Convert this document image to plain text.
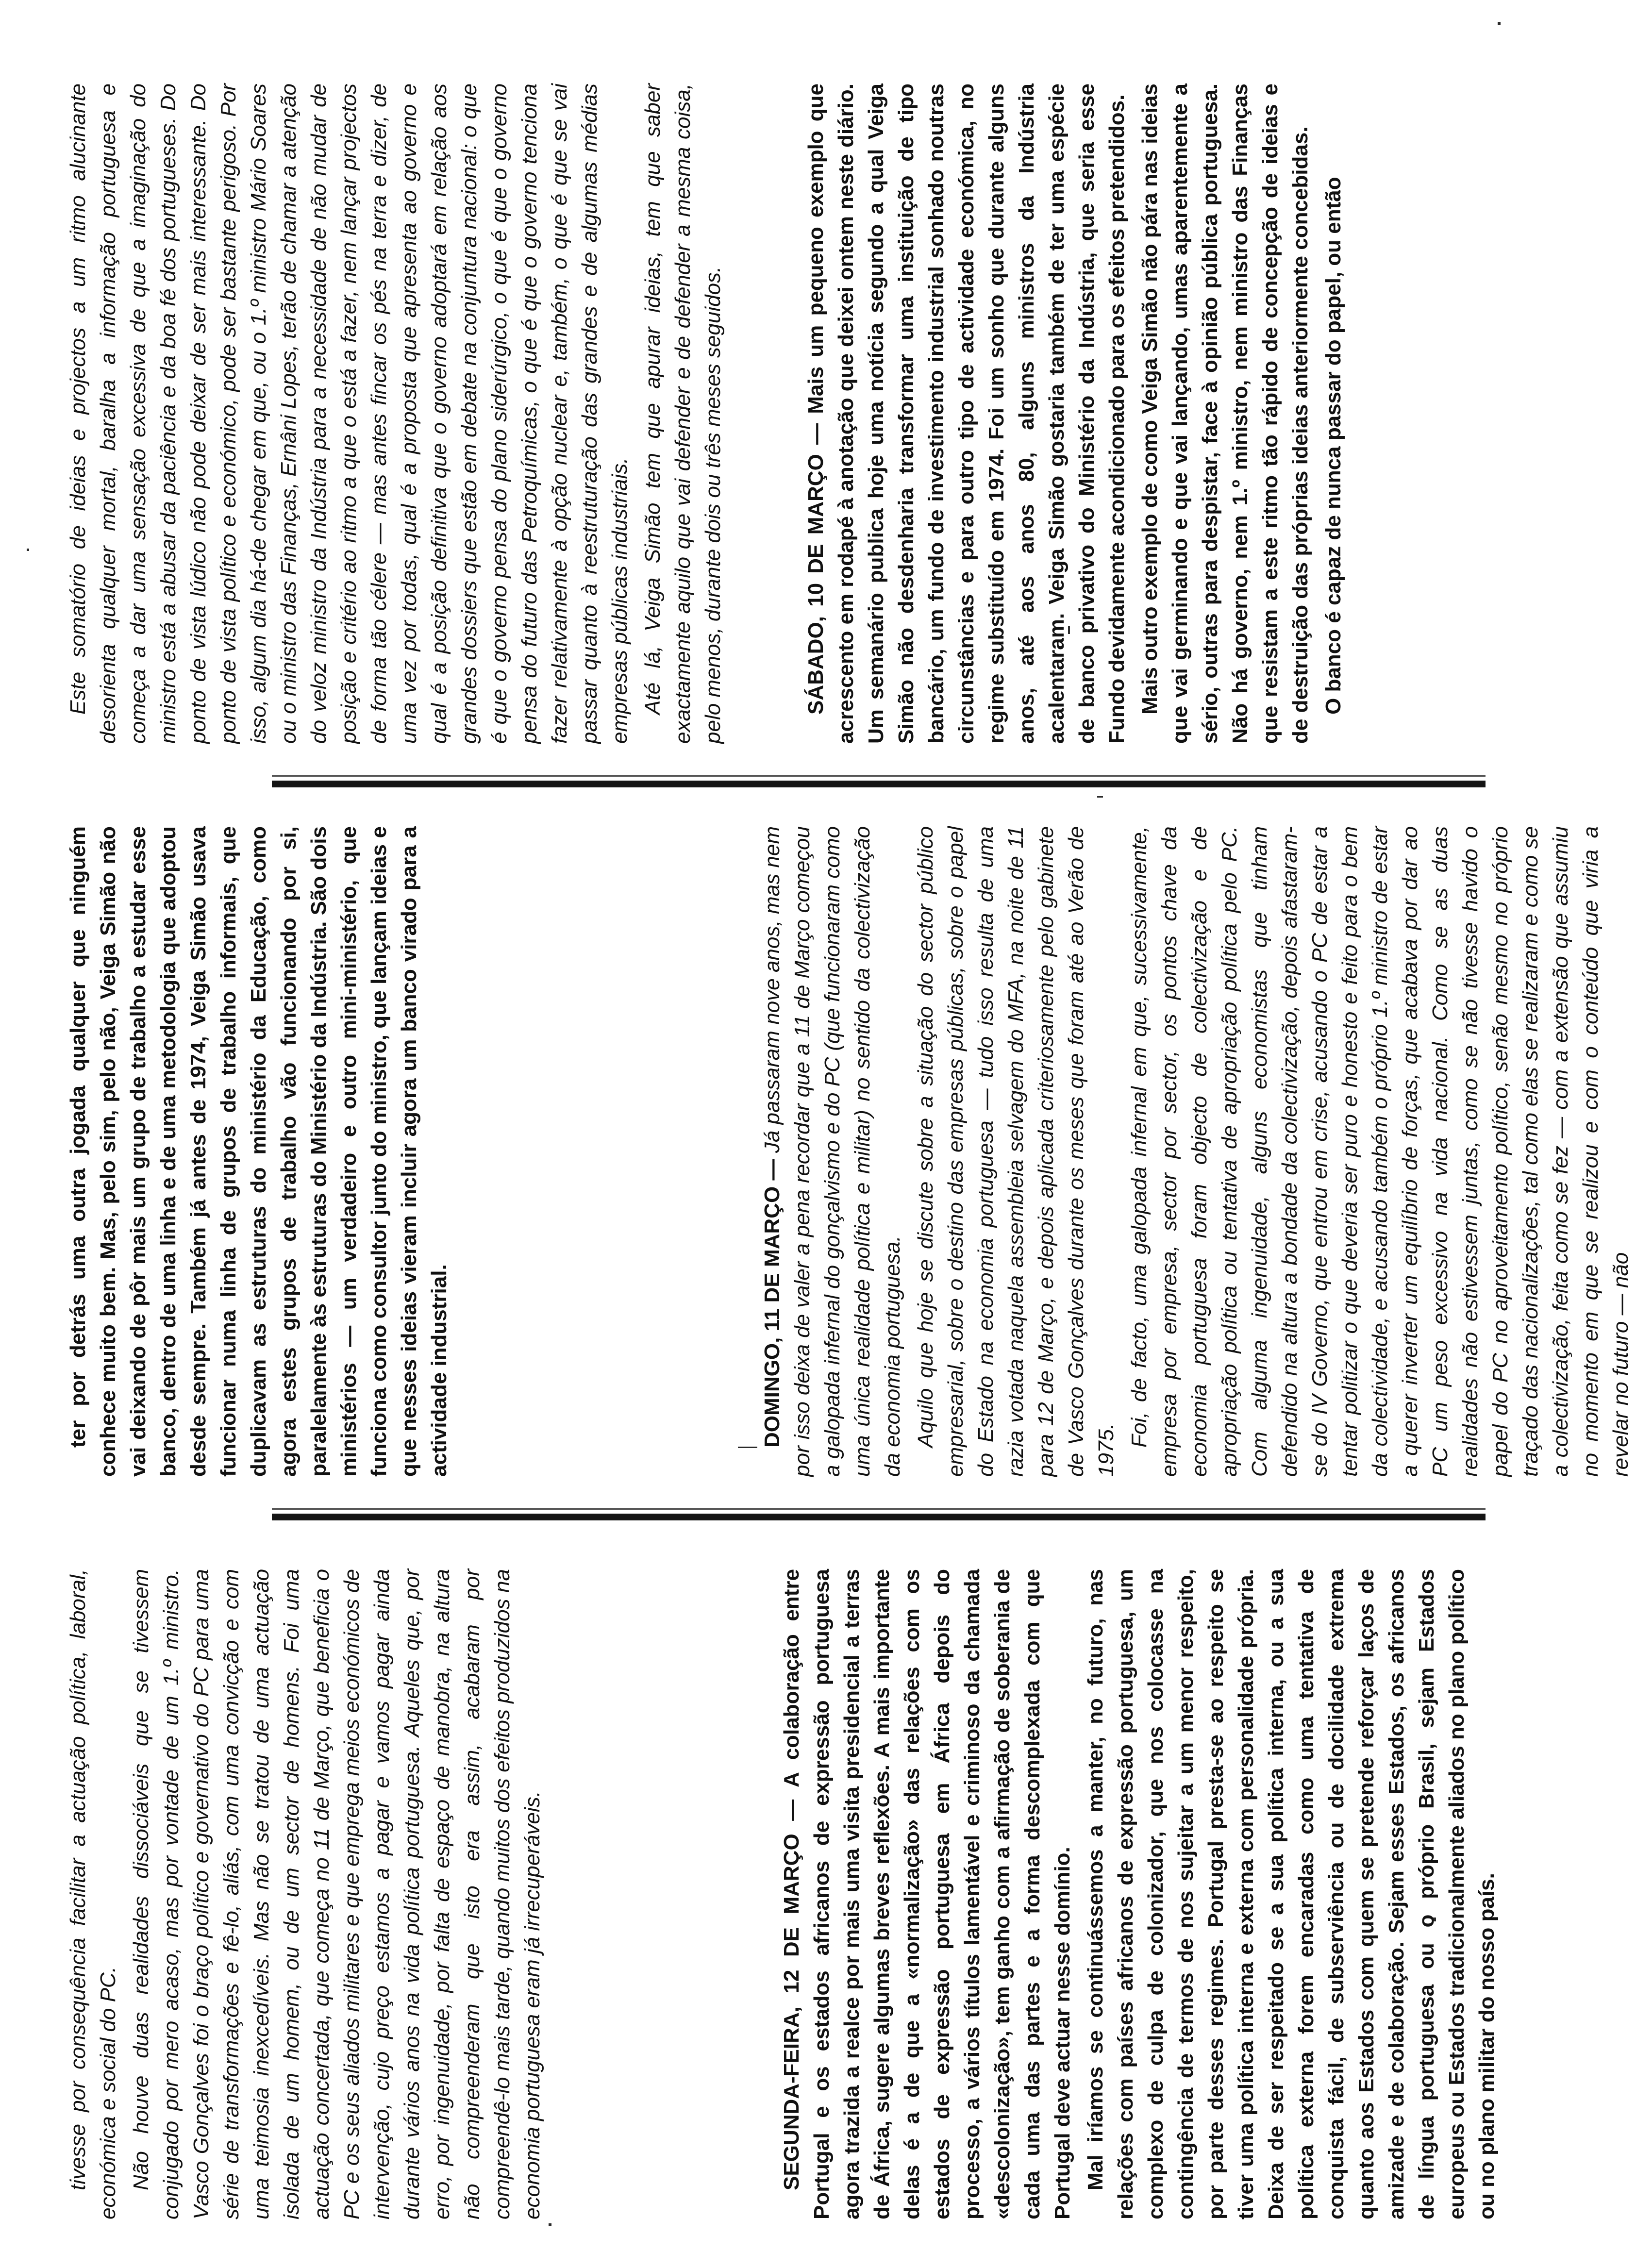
tivesse por consequência facilitar a actuação política, laboral, económica e social do PC. Não houve duas realidades dissociáveis que se tivessem conjugado por mero acaso, mas por vontade de um 1.º ministro. Vasco Gonçalves foi o braço político e governativo do PC para uma série de transformações e fê-lo, aliás, com uma convicção e com uma teimosia inexcedíveis. Mas não se tratou de uma actuação isolada de um homem, ou de um sector de homens. Foi uma actuação concertada, que começa no 11 de Março, que beneficia o PC e os seus aliados militares e que emprega meios económicos de intervenção, cujo preço estamos a pagar e vamos pagar ainda durante vários anos na vida política portuguesa. Aqueles que, por erro, por ingenuidade, por falta de espaço de manobra, na altura não compreenderam que isto era assim, acabaram por compreendê-lo mais tarde, quando muitos dos efeitos produzidos na economia portuguesa eram já irrecuperáveis.	SEGUNDA-FEIRA, 12 DE MARÇO — A colaboração entre Portugal e os estados africanos de expressão portuguesa agora trazida a realce por mais uma visita presidencial a terras de África, sugere algumas breves reflexões. A mais importante delas é a de que a «normalização» das relações com os estados de expressão portuguesa em África depois do processo, a vários títulos lamentável e criminoso da chamada «descolonização», tem ganho com a afirmação de soberania de cada uma das partes e a forma descomplexada com que Portugal deve actuar nesse domínio. Mal iríamos se continuássemos a manter, no futuro, nas relações com países africanos de expressão portuguesa, um complexo de culpa de colonizador, que nos colocasse na contingência de termos de nos sujeitar a um menor respeito, por parte desses regimes. Portugal presta-se ao respeito se tiver uma política interna e externa com personalidade própria. Deixa de ser respeitado se a sua política interna, ou a sua política externa forem encaradas como uma tentativa de conquista fácil, de subserviência ou de docilidade extrema quanto aos Estados com quem se pretende reforçar laços de amizade e de colaboração. Sejam esses Estados, os africanos de língua portuguesa ou o próprio Brasil, sejam Estados europeus ou Estados tradicionalmente aliados no plano político ou no plano militar do nosso país.

ter por detrás uma outra jogada qualquer que ninguém conhece muito bem. Mas, pelo sim, pelo não, Veiga Simão não vai deixando de pôr mais um grupo de trabalho a estudar esse banco, dentro de uma linha e de uma metodologia que adoptou desde sempre. Também já antes de 1974, Veiga Simão usava funcionar numa linha de grupos de trabalho informais, que duplicavam as estruturas do ministério da Educação, como agora estes grupos de trabalho vão funcionando por si, paralelamente às estruturas do Ministério da Indústria. São dois ministérios — um verdadeiro e outro mini-ministério, que funciona como consultor junto do ministro, que lançam ideias e que nesses ideias vieram incluir agora um banco virado para a actividade industrial.	DOMINGO, 11 DE MARÇO — Já passaram nove anos, mas nem por isso deixa de valer a pena recordar que a 11 de Março começou a galopada infernal do gonçalvismo e do PC (que funcionaram como uma única realidade política e militar) no sentido da colectivização da economia portuguesa. Aquilo que hoje se discute sobre a situação do sector público empresarial, sobre o destino das empresas públicas, sobre o papel do Estado na economia portuguesa — tudo isso resulta de uma razia votada naquela assembleia selvagem do MFA, na noite de 11 para 12 de Março, e depois aplicada criteriosamente pelo gabinete de Vasco Gonçalves durante os meses que foram até ao Verão de 1975.

Foi, de facto, uma galopada infernal em que, sucessivamente, empresa por empresa, sector por sector, os pontos chave da economia portuguesa foram objecto de colectivização e de apropriação política ou tentativa de apropriação política pelo PC. Com alguma ingenuidade, alguns economistas que tinham defendido na altura a bondade da colectivização, depois afastaram-se do IV Governo, que entrou em crise, acusando o PC de estar a tentar politizar o que deveria ser puro e honesto e feito para o bem da colectividade, e acusando também o próprio 1.º ministro de estar a querer inverter um equilíbrio de forças, que acabava por dar ao PC um peso excessivo na vida nacional. Como se as duas realidades não estivessem juntas, como se não tivesse havido o papel do PC no aproveitamento político, senão mesmo no próprio traçado das nacionalizações, tal como elas se realizaram e como se a colectivização, feita como se fez — com a extensão que assumiu no momento em que se realizou e com o conteúdo que viria a revelar no futuro — não

Este somatório de ideias e projectos a um ritmo alucinante desorienta qualquer mortal, baralha a informação portuguesa e começa a dar uma sensação excessiva de que a imaginação do ministro está a abusar da paciência e da boa fé dos portugueses. Do ponto de vista lúdico não pode deixar de ser mais interessante. Do ponto de vista político e económico, pode ser bastante perigoso. Por isso, algum dia há-de chegar em que, ou o 1.º ministro Mário Soares ou o ministro das Finanças, Ernâni Lopes, terão de chamar a atenção do veloz ministro da Indústria para a necessidade de não mudar de posição e critério ao ritmo a que o está a fazer, nem lançar projectos de forma tão célere — mas antes fincar os pés na terra e dizer, de uma vez por todas, qual é a proposta que apresenta ao governo e qual é a posição definitiva que o governo adoptará em relação aos grandes dossiers que estão em debate na conjuntura nacional: o que é que o governo pensa do plano siderúrgico, o que é que o governo pensa do futuro das Petroquímicas, o que é que o governo tenciona fazer relativamente à opção nuclear e, também, o que é que se vai passar quanto à reestruturação das grandes e de algumas médias empresas públicas industriais. Até lá, Veiga Simão tem que apurar ideias, tem que saber exactamente aquilo que vai defender e de defender a mesma coisa, pelo menos, durante dois ou três meses seguidos.	SÁBADO, 10 DE MARÇO — Mais um pequeno exemplo que acrescento em rodapé à anotação que deixei ontem neste diário. Um semanário publica hoje uma notícia segundo a qual Veiga Simão não desdenharia transformar uma instituição de tipo bancário, um fundo de investimento industrial sonhado noutras circunstâncias e para outro tipo de actividade económica, no regime substituído em 1974. Foi um sonho que durante alguns anos, até aos anos 80, alguns ministros da Indústria acalentaram. Veiga Simão gostaria também de ter uma espécie de banco privativo do Ministério da Indústria, que seria esse Fundo devidamente acondicionado para os efeitos pretendidos. Mais outro exemplo de como Veiga Simão não pára nas ideias que vai germinando e que vai lançando, umas aparentemente a sério, outras para despistar, face à opinião pública portuguesa. Não há governo, nem 1.º ministro, nem ministro das Finanças que resistam a este ritmo tão rápido de concepção de ideias e de destruição das próprias ideias anteriormente concebidas. O banco é capaz de nunca passar do papel, ou então
